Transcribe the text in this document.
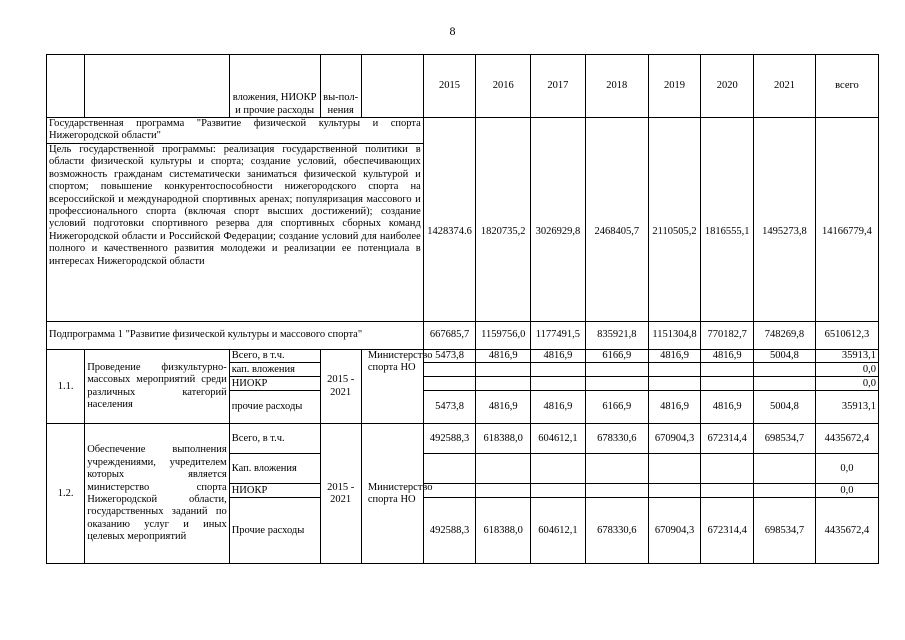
8
		вложения, НИОКР и прочие расходы	вы-пол-нения		2015	2016	2017	2018	2019	2020	2021	всего
Государственная программа "Развитие физической культуры и спорта Нижегородской области"												
Цель государственной программы: реализация государственной политики в области физической культуры и спорта; создание условий, обеспечивающих возможность гражданам систематически заниматься физической культурой и спортом; повышение конкурентоспособности нижегородского спорта на всероссийской и международной спортивных аренах; популяризация массового и профессионального спорта (включая спорт высших достижений); создание условий подготовки спортивного резерва для спортивных сборных команд Нижегородской области и Российской Федерации; создание условий для наиболее полного и качественного развития молодежи и реализации ее потенциала в интересах Нижегородской области					1428374.6	1820735,2	3026929,8	2468405,7	2110505,2	1816555,1	1495273,8	14166779,4
Подпрограмма 1 "Развитие физической культуры и массового спорта"					667685,7	1159756,0	1177491,5	835921,8	1151304,8	770182,7	748269,8	6510612,3
1.1.	Проведение физкультурно-массовых мероприятий среди различных категорий населения	Всего, в т.ч.	2015 - 2021	Министерство спорта НО	5473,8	4816,9	4816,9	6166,9	4816,9	4816,9	5004,8	35913,1
		кап. вложения										0,0
		НИОКР										0,0
		прочие расходы			5473,8	4816,9	4816,9	6166,9	4816,9	4816,9	5004,8	35913,1
1.2.	Обеспечение выполнения учреждениями, учредителем которых является министерство спорта Нижегородской области, государственных заданий по оказанию услуг и иных целевых мероприятий	Всего, в т.ч.	2015 - 2021	Министерство спорта НО	492588,3	618388,0	604612,1	678330,6	670904,3	672314,4	698534,7	4435672,4
		Кап. вложения										0,0
		НИОКР										0,0
		Прочие расходы			492588,3	618388,0	604612,1	678330,6	670904,3	672314,4	698534,7	4435672,4
